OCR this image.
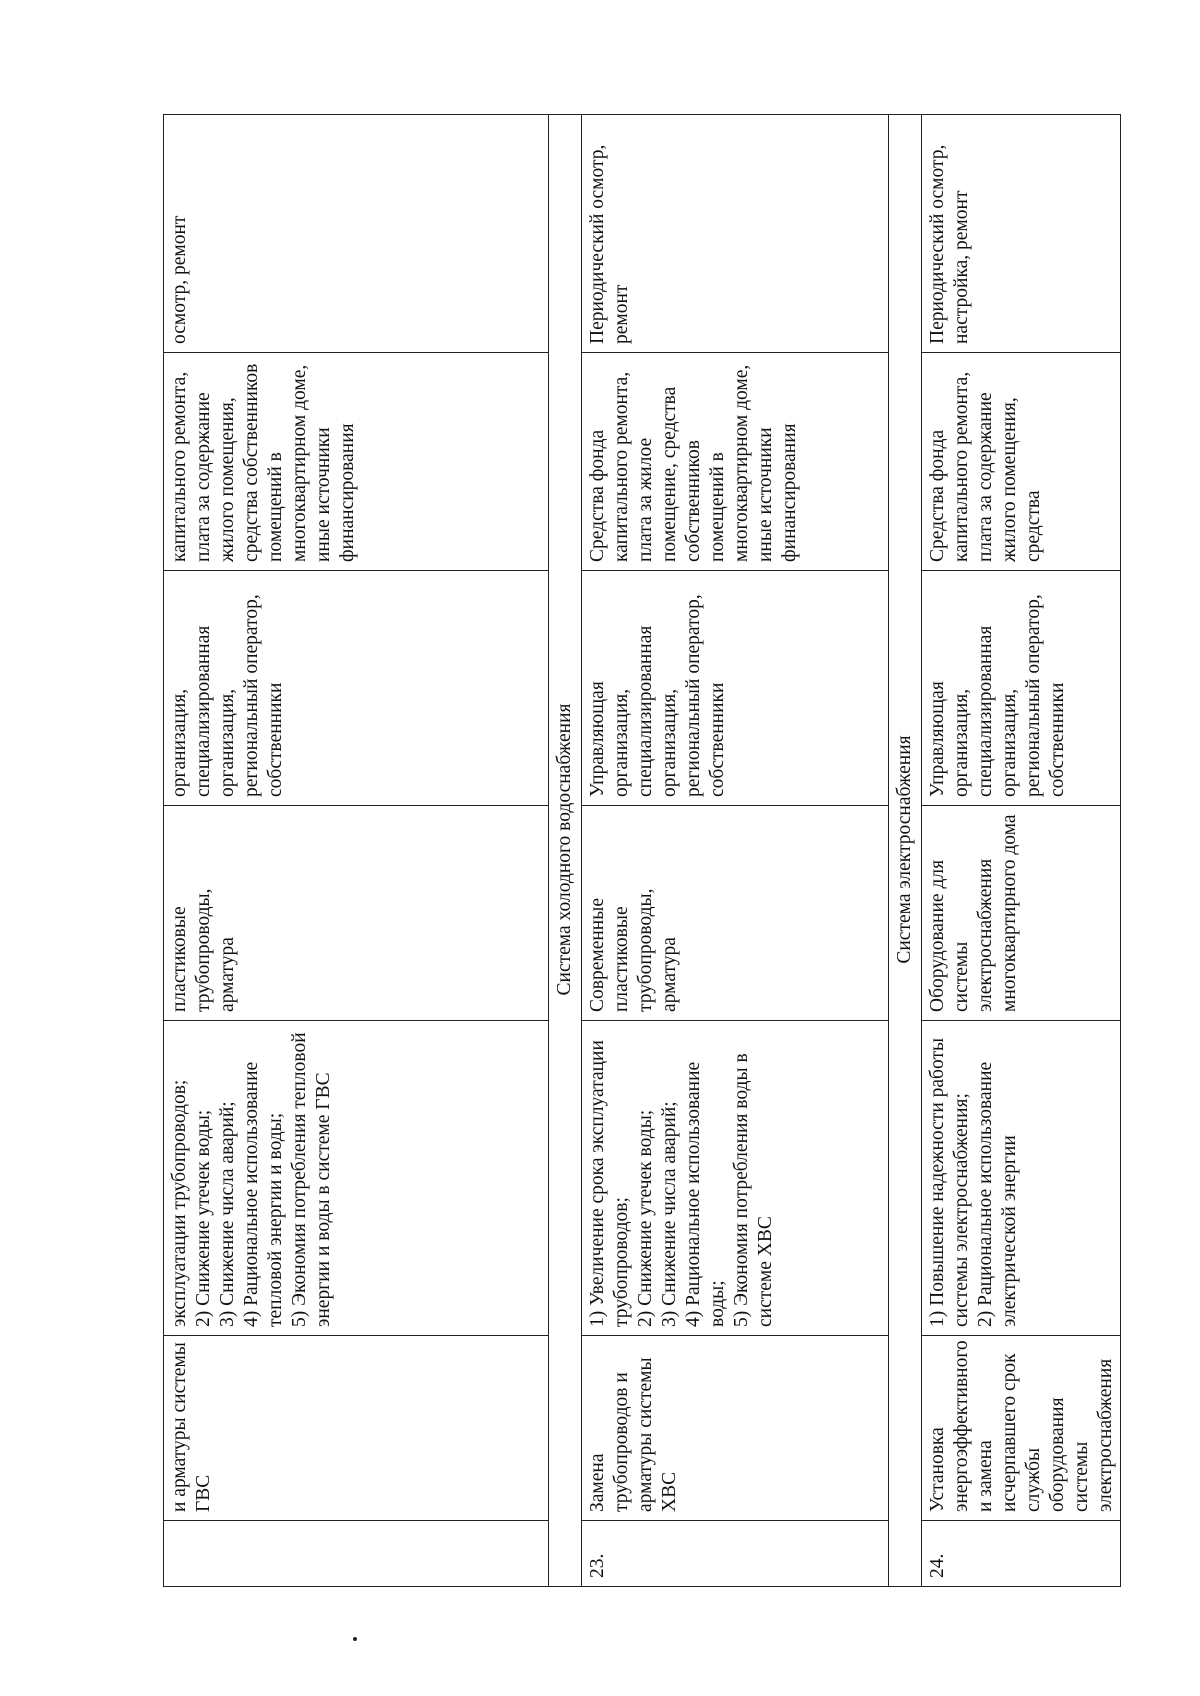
	и арматуры системы ГВС	эксплуатации трубопроводов;
2) Снижение утечек воды;
3) Снижение числа аварий;
4) Рациональное использование тепловой энергии и воды;
5) Экономия потребления тепловой энергии и воды в системе ГВС	пластиковые трубопроводы, арматура	организация, специализированная организация, региональный оператор, собственники	капитального ремонта, плата за содержание жилого помещения, средства собственников помещений в многоквартирном доме, иные источники финансирования	осмотр, ремонт
Система холодного водоснабжения						
23.	Замена трубопроводов и арматуры системы ХВС	1) Увеличение срока эксплуатации трубопроводов;
2) Снижение утечек воды;
3) Снижение числа аварий;
4) Рациональное использование воды;
5) Экономия потребления воды в системе ХВС	Современные пластиковые трубопроводы, арматура	Управляющая организация, специализированная организация, региональный оператор, собственники	Средства фонда капитального ремонта, плата за жилое помещение, средства собственников помещений в многоквартирном доме, иные источники финансирования	Периодический осмотр, ремонт
Система электроснабжения						
24.	Установка энергоэффективного и замена исчерпавшего срок службы оборудования системы электроснабжения	1) Повышение надежности работы системы электроснабжения;
2) Рациональное использование электрической энергии	Оборудование для системы электроснабжения многоквартирного дома	Управляющая организация, специализированная организация, региональный оператор, собственники	Средства фонда капитального ремонта, плата за содержание жилого помещения, средства	Периодический осмотр, настройка, ремонт
